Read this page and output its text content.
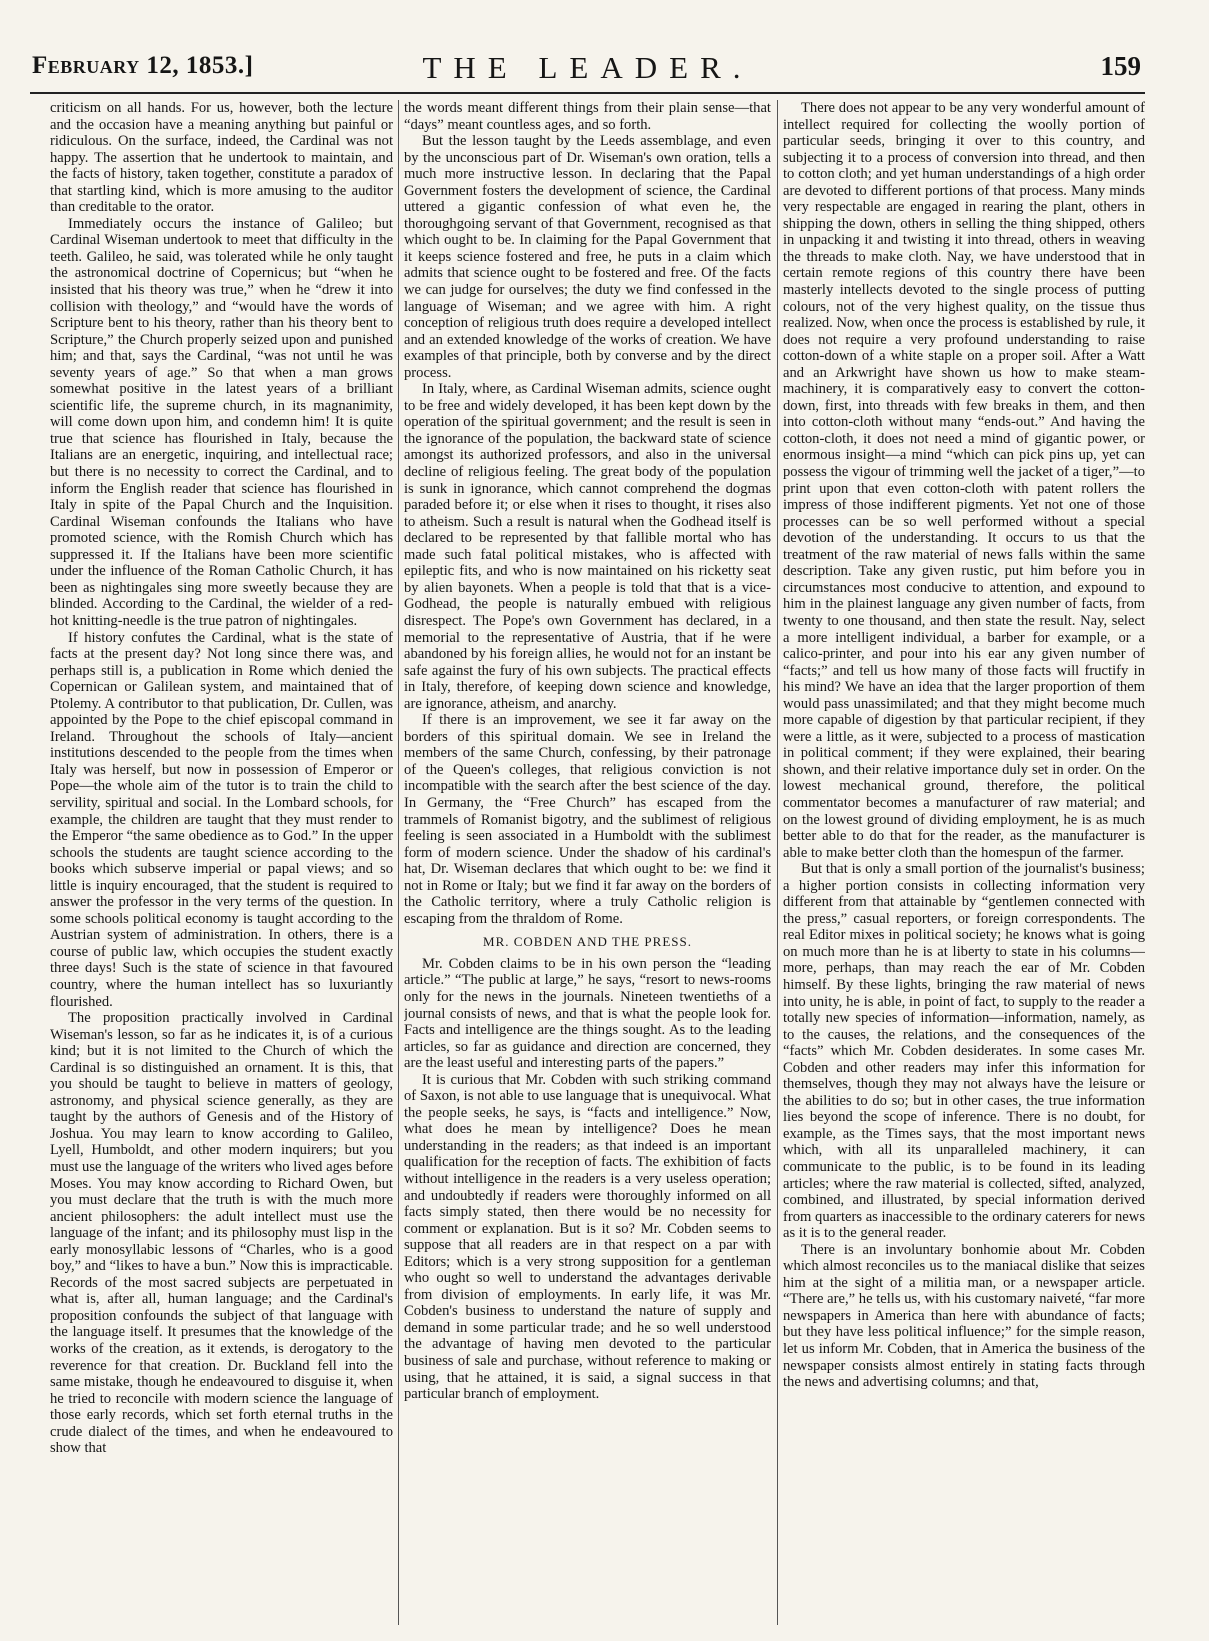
February 12, 1853.]	THE LEADER.	159

criticism on all hands. For us, however, both the lecture and the occasion have a meaning anything but painful or ridiculous. On the surface, indeed, the Cardinal was not happy. The assertion that he undertook to maintain, and the facts of history, taken together, constitute a paradox of that startling kind, which is more amusing to the auditor than creditable to the orator.

Immediately occurs the instance of Galileo; but Cardinal Wiseman undertook to meet that difficulty in the teeth. Galileo, he said, was tolerated while he only taught the astronomical doctrine of Copernicus; but “when he insisted that his theory was true,” when he “drew it into collision with theology,” and “would have the words of Scripture bent to his theory, rather than his theory bent to Scripture,” the Church properly seized upon and punished him; and that, says the Cardinal, “was not until he was seventy years of age.” So that when a man grows somewhat positive in the latest years of a brilliant scientific life, the supreme church, in its magnanimity, will come down upon him, and condemn him! It is quite true that science has flourished in Italy, because the Italians are an energetic, inquiring, and intellectual race; but there is no necessity to correct the Cardinal, and to inform the English reader that science has flourished in Italy in spite of the Papal Church and the Inquisition. Cardinal Wiseman confounds the Italians who have promoted science, with the Romish Church which has suppressed it. If the Italians have been more scientific under the influence of the Roman Catholic Church, it has been as nightingales sing more sweetly because they are blinded. According to the Cardinal, the wielder of a red-hot knitting-needle is the true patron of nightingales.

If history confutes the Cardinal, what is the state of facts at the present day? Not long since there was, and perhaps still is, a publication in Rome which denied the Copernican or Galilean system, and maintained that of Ptolemy. A contributor to that publication, Dr. Cullen, was appointed by the Pope to the chief episcopal command in Ireland. Throughout the schools of Italy—ancient institutions descended to the people from the times when Italy was herself, but now in possession of Emperor or Pope—the whole aim of the tutor is to train the child to servility, spiritual and social. In the Lombard schools, for example, the children are taught that they must render to the Emperor “the same obedience as to God.” In the upper schools the students are taught science according to the books which subserve imperial or papal views; and so little is inquiry encouraged, that the student is required to answer the professor in the very terms of the question. In some schools political economy is taught according to the Austrian system of administration. In others, there is a course of public law, which occupies the student exactly three days! Such is the state of science in that favoured country, where the human intellect has so luxuriantly flourished.

The proposition practically involved in Cardinal Wiseman's lesson, so far as he indicates it, is of a curious kind; but it is not limited to the Church of which the Cardinal is so distinguished an ornament. It is this, that you should be taught to believe in matters of geology, astronomy, and physical science generally, as they are taught by the authors of Genesis and of the History of Joshua. You may learn to know according to Galileo, Lyell, Humboldt, and other modern inquirers; but you must use the language of the writers who lived ages before Moses. You may know according to Richard Owen, but you must declare that the truth is with the much more ancient philosophers: the adult intellect must use the language of the infant; and its philosophy must lisp in the early monosyllabic lessons of “Charles, who is a good boy,” and “likes to have a bun.” Now this is impracticable. Records of the most sacred subjects are perpetuated in what is, after all, human language; and the Cardinal's proposition confounds the subject of that language with the language itself. It presumes that the knowledge of the works of the creation, as it extends, is derogatory to the reverence for that creation. Dr. Buckland fell into the same mistake, though he endeavoured to disguise it, when he tried to reconcile with modern science the language of those early records, which set forth eternal truths in the crude dialect of the times, and when he endeavoured to show that

the words meant different things from their plain sense—that “days” meant countless ages, and so forth.

But the lesson taught by the Leeds assemblage, and even by the unconscious part of Dr. Wiseman's own oration, tells a much more instructive lesson. In declaring that the Papal Government fosters the development of science, the Cardinal uttered a gigantic confession of what even he, the thoroughgoing servant of that Government, recognised as that which ought to be. In claiming for the Papal Government that it keeps science fostered and free, he puts in a claim which admits that science ought to be fostered and free. Of the facts we can judge for ourselves; the duty we find confessed in the language of Wiseman; and we agree with him. A right conception of religious truth does require a developed intellect and an extended knowledge of the works of creation. We have examples of that principle, both by converse and by the direct process.

In Italy, where, as Cardinal Wiseman admits, science ought to be free and widely developed, it has been kept down by the operation of the spiritual government; and the result is seen in the ignorance of the population, the backward state of science amongst its authorized professors, and also in the universal decline of religious feeling. The great body of the population is sunk in ignorance, which cannot comprehend the dogmas paraded before it; or else when it rises to thought, it rises also to atheism. Such a result is natural when the Godhead itself is declared to be represented by that fallible mortal who has made such fatal political mistakes, who is affected with epileptic fits, and who is now maintained on his ricketty seat by alien bayonets. When a people is told that that is a vice-Godhead, the people is naturally embued with religious disrespect. The Pope's own Government has declared, in a memorial to the representative of Austria, that if he were abandoned by his foreign allies, he would not for an instant be safe against the fury of his own subjects. The practical effects in Italy, therefore, of keeping down science and knowledge, are ignorance, atheism, and anarchy.

If there is an improvement, we see it far away on the borders of this spiritual domain. We see in Ireland the members of the same Church, confessing, by their patronage of the Queen's colleges, that religious conviction is not incompatible with the search after the best science of the day. In Germany, the “Free Church” has escaped from the trammels of Romanist bigotry, and the sublimest of religious feeling is seen associated in a Humboldt with the sublimest form of modern science. Under the shadow of his cardinal's hat, Dr. Wiseman declares that which ought to be: we find it not in Rome or Italy; but we find it far away on the borders of the Catholic territory, where a truly Catholic religion is escaping from the thraldom of Rome.

MR. COBDEN AND THE PRESS.

Mr. Cobden claims to be in his own person the “leading article.” “The public at large,” he says, “resort to news-rooms only for the news in the journals. Nineteen twentieths of a journal consists of news, and that is what the people look for. Facts and intelligence are the things sought. As to the leading articles, so far as guidance and direction are concerned, they are the least useful and interesting parts of the papers.”

It is curious that Mr. Cobden with such striking command of Saxon, is not able to use language that is unequivocal. What the people seeks, he says, is “facts and intelligence.” Now, what does he mean by intelligence? Does he mean understanding in the readers; as that indeed is an important qualification for the reception of facts. The exhibition of facts without intelligence in the readers is a very useless operation; and undoubtedly if readers were thoroughly informed on all facts simply stated, then there would be no necessity for comment or explanation. But is it so? Mr. Cobden seems to suppose that all readers are in that respect on a par with Editors; which is a very strong supposition for a gentleman who ought so well to understand the advantages derivable from division of employments. In early life, it was Mr. Cobden's business to understand the nature of supply and demand in some particular trade; and he so well understood the advantage of having men devoted to the particular business of sale and purchase, without reference to making or using, that he attained, it is said, a signal success in that particular branch of employment.

There does not appear to be any very wonderful amount of intellect required for collecting the woolly portion of particular seeds, bringing it over to this country, and subjecting it to a process of conversion into thread, and then to cotton cloth; and yet human understandings of a high order are devoted to different portions of that process. Many minds very respectable are engaged in rearing the plant, others in shipping the down, others in selling the thing shipped, others in unpacking it and twisting it into thread, others in weaving the threads to make cloth. Nay, we have understood that in certain remote regions of this country there have been masterly intellects devoted to the single process of putting colours, not of the very highest quality, on the tissue thus realized. Now, when once the process is established by rule, it does not require a very profound understanding to raise cotton-down of a white staple on a proper soil. After a Watt and an Arkwright have shown us how to make steam-machinery, it is comparatively easy to convert the cotton-down, first, into threads with few breaks in them, and then into cotton-cloth without many “ends-out.” And having the cotton-cloth, it does not need a mind of gigantic power, or enormous insight—a mind “which can pick pins up, yet can possess the vigour of trimming well the jacket of a tiger,”—to print upon that even cotton-cloth with patent rollers the impress of those indifferent pigments. Yet not one of those processes can be so well performed without a special devotion of the understanding. It occurs to us that the treatment of the raw material of news falls within the same description. Take any given rustic, put him before you in circumstances most conducive to attention, and expound to him in the plainest language any given number of facts, from twenty to one thousand, and then state the result. Nay, select a more intelligent individual, a barber for example, or a calico-printer, and pour into his ear any given number of “facts;” and tell us how many of those facts will fructify in his mind? We have an idea that the larger proportion of them would pass unassimilated; and that they might become much more capable of digestion by that particular recipient, if they were a little, as it were, subjected to a process of mastication in political comment; if they were explained, their bearing shown, and their relative importance duly set in order. On the lowest mechanical ground, therefore, the political commentator becomes a manufacturer of raw material; and on the lowest ground of dividing employment, he is as much better able to do that for the reader, as the manufacturer is able to make better cloth than the homespun of the farmer.

But that is only a small portion of the journalist's business; a higher portion consists in collecting information very different from that attainable by “gentlemen connected with the press,” casual reporters, or foreign correspondents. The real Editor mixes in political society; he knows what is going on much more than he is at liberty to state in his columns—more, perhaps, than may reach the ear of Mr. Cobden himself. By these lights, bringing the raw material of news into unity, he is able, in point of fact, to supply to the reader a totally new species of information—information, namely, as to the causes, the relations, and the consequences of the “facts” which Mr. Cobden desiderates. In some cases Mr. Cobden and other readers may infer this information for themselves, though they may not always have the leisure or the abilities to do so; but in other cases, the true information lies beyond the scope of inference. There is no doubt, for example, as the Times says, that the most important news which, with all its unparalleled machinery, it can communicate to the public, is to be found in its leading articles; where the raw material is collected, sifted, analyzed, combined, and illustrated, by special information derived from quarters as inaccessible to the ordinary caterers for news as it is to the general reader.

There is an involuntary bonhomie about Mr. Cobden which almost reconciles us to the maniacal dislike that seizes him at the sight of a militia man, or a newspaper article. “There are,” he tells us, with his customary naiveté, “far more newspapers in America than here with abundance of facts; but they have less political influence;” for the simple reason, let us inform Mr. Cobden, that in America the business of the newspaper consists almost entirely in stating facts through the news and advertising columns; and that,
